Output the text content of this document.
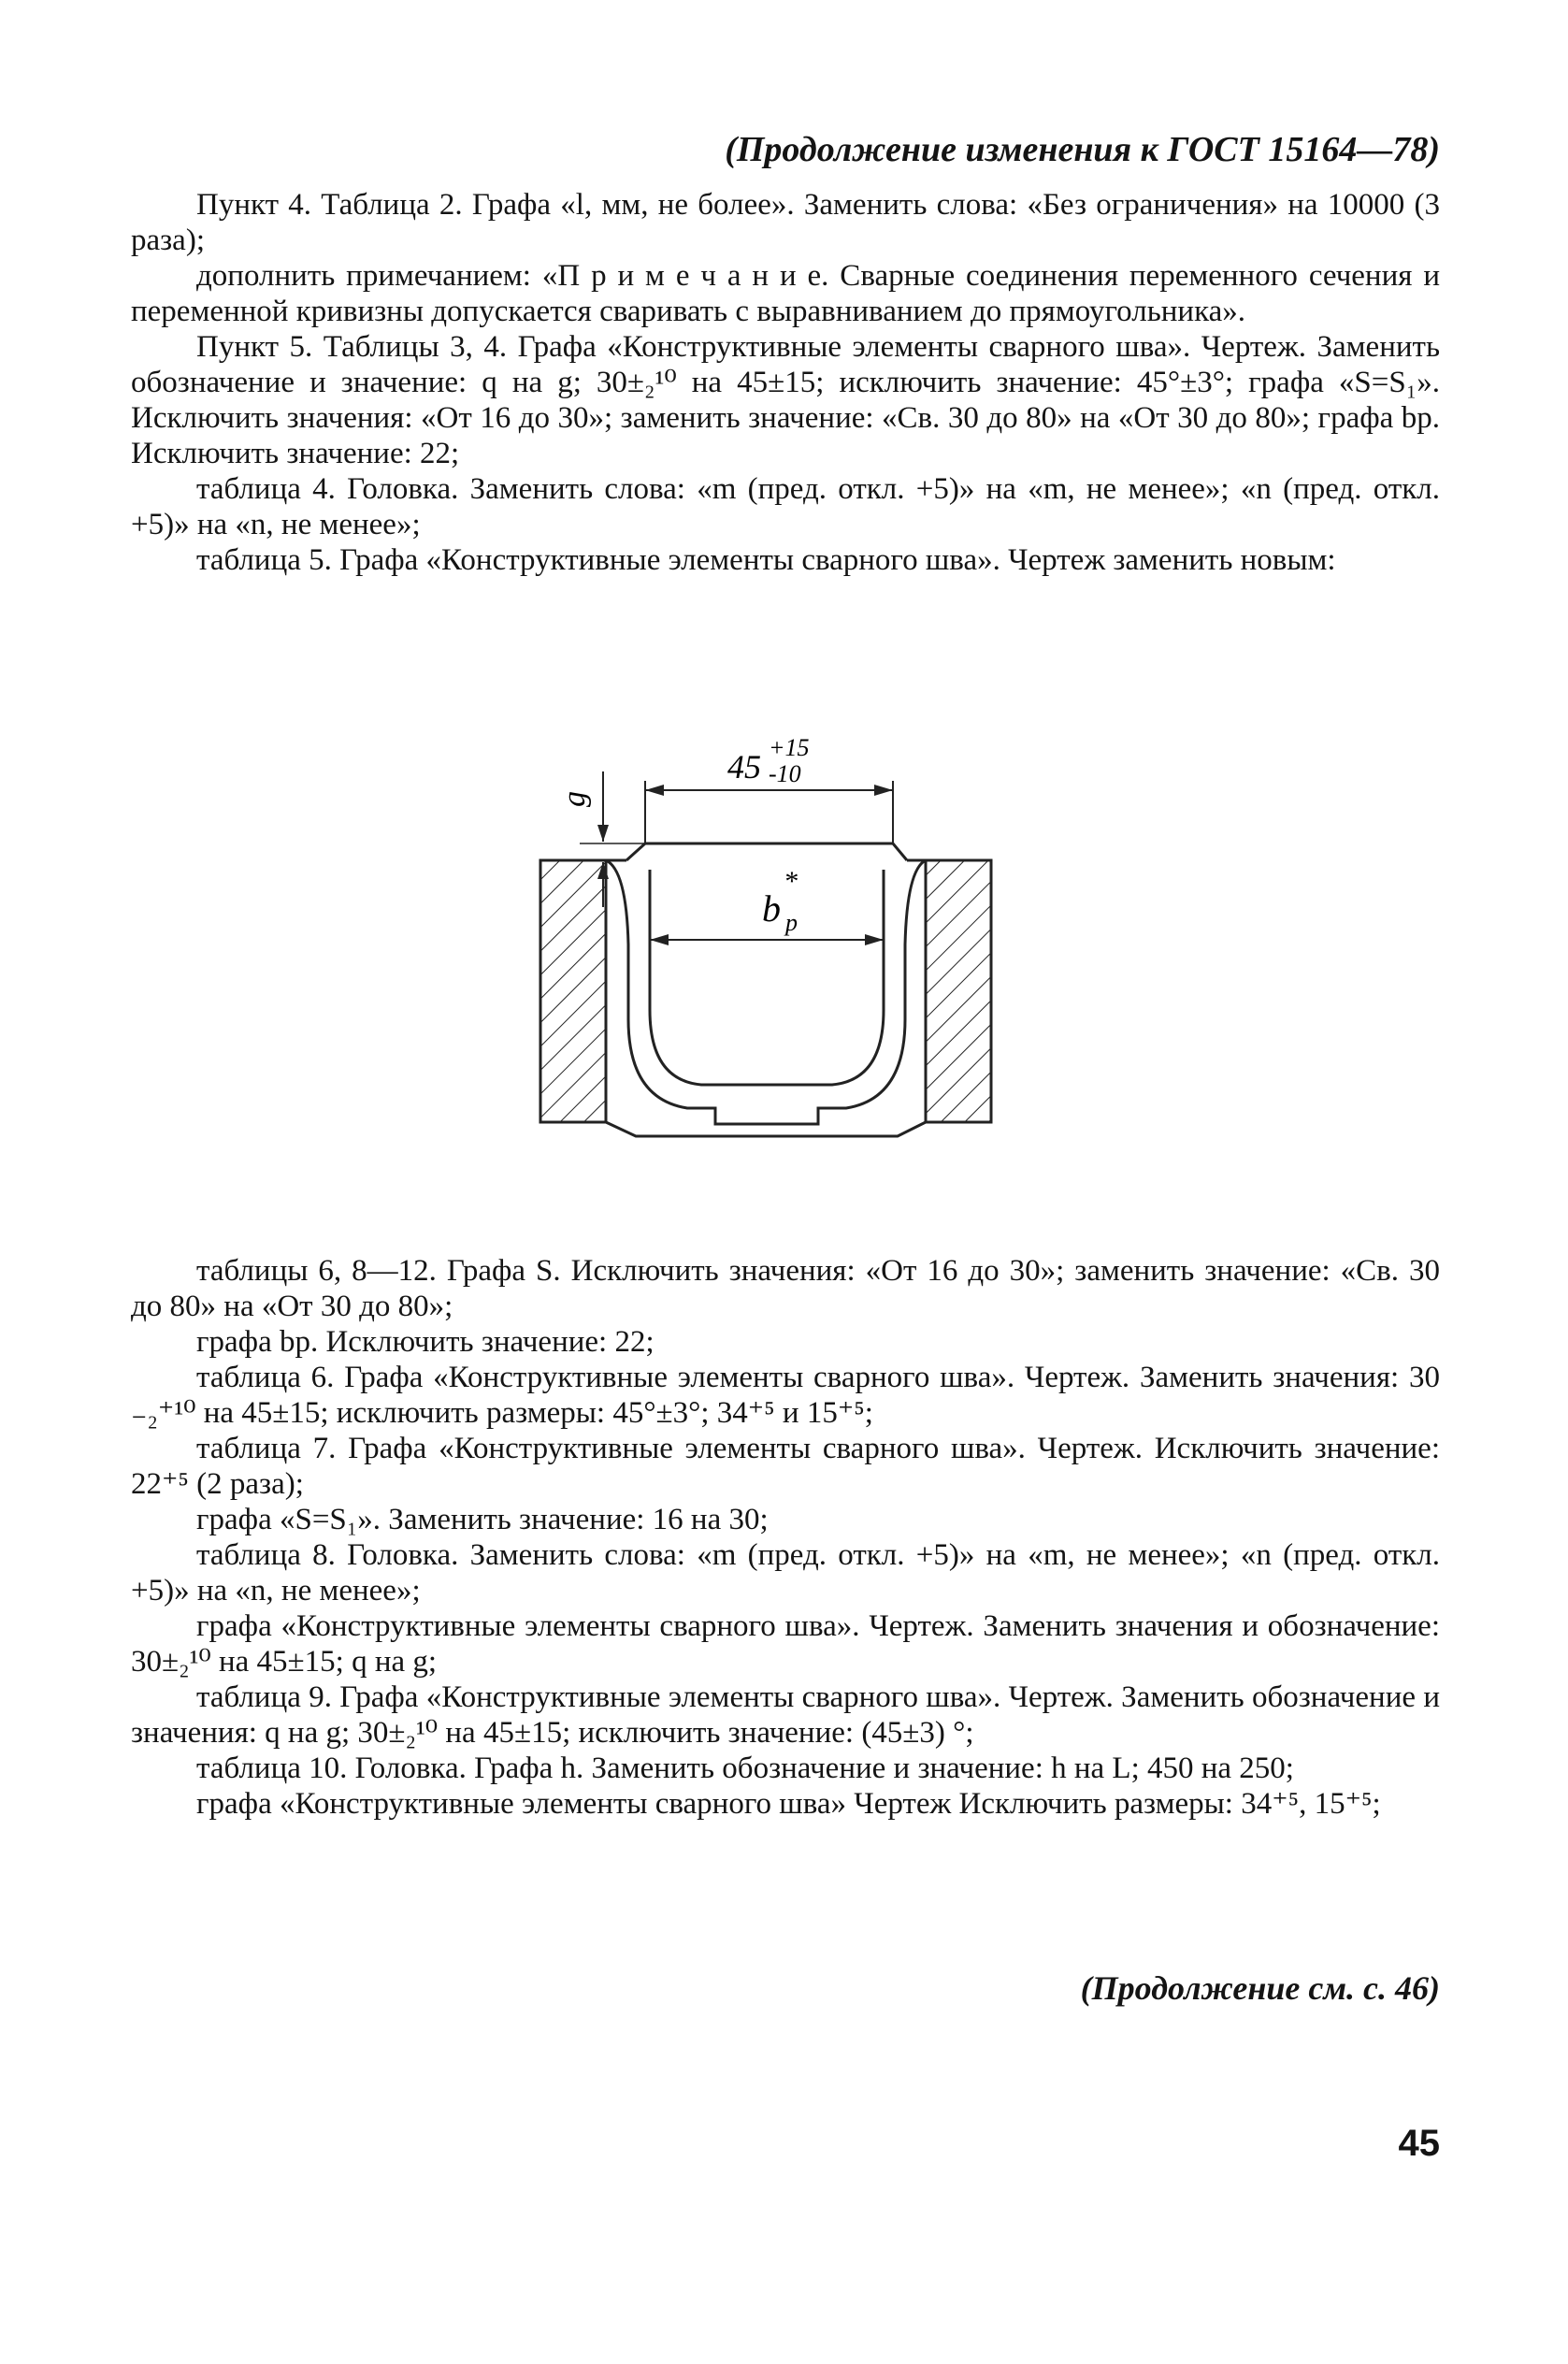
(Продолжение изменения к ГОСТ 15164—78)

Пункт 4. Таблица 2. Графа «l, мм, не более». Заменить слова: «Без ограничения» на 10000 (3 раза);

дополнить примечанием: «П р и м е ч а н и е. Сварные соединения переменного сечения и переменной кривизны допускается сваривать с выравниванием до прямоугольника».

Пункт 5. Таблицы 3, 4. Графа «Конструктивные элементы сварного шва». Чертеж. Заменить обозначение и значение: q на g; 30±₂¹⁰ на 45±15; исключить значение: 45°±3°; графа «S=S₁». Исключить значения: «От 16 до 30»; заменить значение: «Св. 30 до 80» на «От 30 до 80»; графа bр. Исключить значение: 22;

таблица 4. Головка. Заменить слова: «m (пред. откл. +5)» на «m, не менее»; «n (пред. откл. +5)» на «n, не менее»;

таблица 5. Графа «Конструктивные элементы сварного шва». Чертеж заменить новым:

45
+15
-10
b p
*
g

таблицы 6, 8—12. Графа S. Исключить значения: «От 16 до 30»; заменить значение: «Св. 30 до 80» на «От 30 до 80»;

графа bр. Исключить значение: 22;

таблица 6. Графа «Конструктивные элементы сварного шва». Чертеж. Заменить значения: 30 ₋₂⁺¹⁰ на 45±15; исключить размеры: 45°±3°; 34⁺⁵ и 15⁺⁵;

таблица 7. Графа «Конструктивные элементы сварного шва». Чертеж. Исключить значение: 22⁺⁵ (2 раза);

графа «S=S₁». Заменить значение: 16 на 30;

таблица 8. Головка. Заменить слова: «m (пред. откл. +5)» на «m, не менее»; «n (пред. откл. +5)» на «n, не менее»;

графа «Конструктивные элементы сварного шва». Чертеж. Заменить значения и обозначение: 30±₂¹⁰ на 45±15; q на g;

таблица 9. Графа «Конструктивные элементы сварного шва». Чертеж. Заменить обозначение и значения: q на g; 30±₂¹⁰ на 45±15; исключить значение: (45±3) °;

таблица 10. Головка. Графа h. Заменить обозначение и значение: h на L; 450 на 250;

графа «Конструктивные элементы сварного шва» Чертеж Исключить размеры: 34⁺⁵, 15⁺⁵;

(Продолжение см. с. 46)
45
